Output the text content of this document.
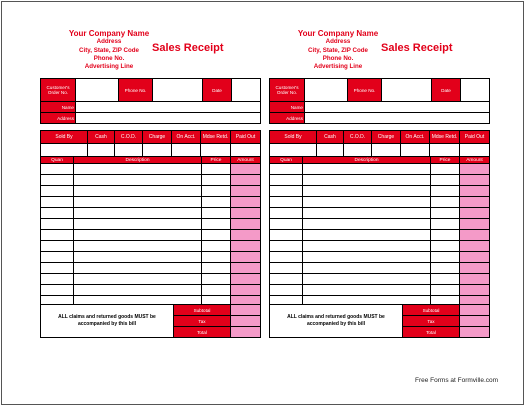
Your Company Name
Address
City, State, ZIP Code
Phone No.
Advertising Line
Sales Receipt
Customer's Order No.		Phone No.		Date	
Name					
Address					
Sold By	Cash	C.O.D.	Charge	On Acct.	Mdse Retd.	Paid Out

Quan	Description	Price	Amount

ALL claims and returned goods MUST be accompanied by this bill	Subtotal	
	Tax	
	Total	
Your Company Name
Address
City, State, ZIP Code
Phone No.
Advertising Line
Sales Receipt
Customer's Order No.		Phone No.		Date	
Name					
Address					
Sold By	Cash	C.O.D.	Charge	On Acct.	Mdse Retd.	Paid Out

Quan	Description	Price	Amount

ALL claims and returned goods MUST be accompanied by this bill	Subtotal	
	Tax	
	Total	
Free Forms at Formville.com
